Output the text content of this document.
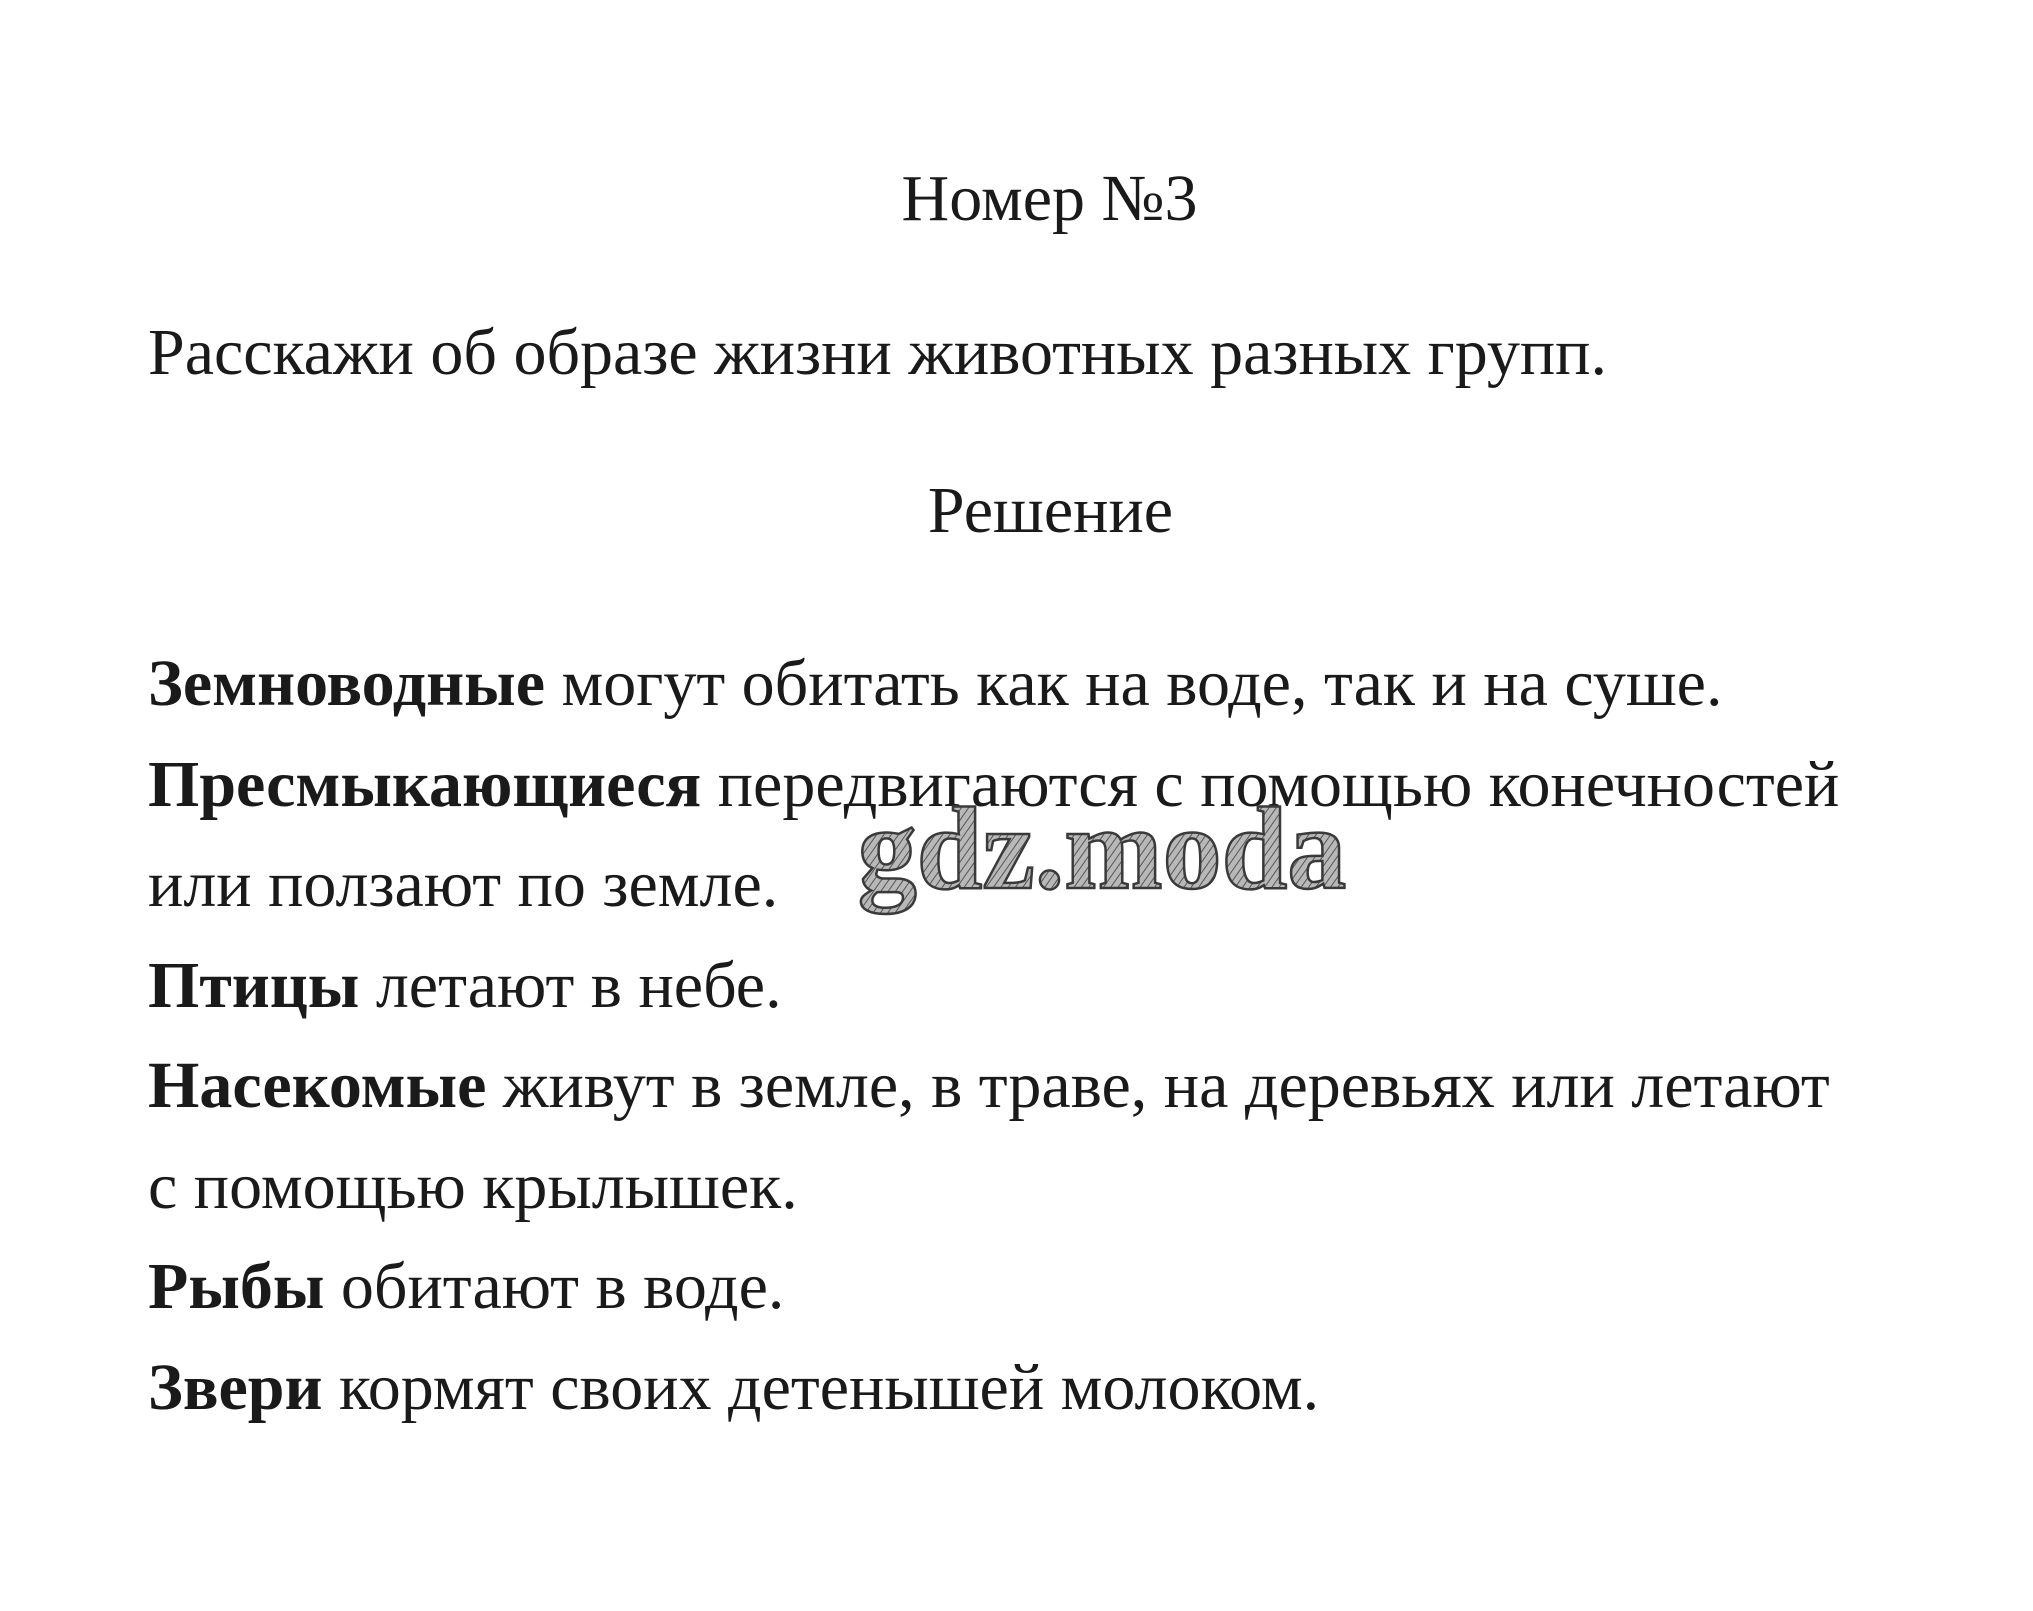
Номер №3
Расскажи об образе жизни животных разных групп.
Решение
Земноводные могут обитать как на воде, так и на суше.
Пресмыкающиеся передвигаются с помощью конечностей
или ползают по земле.
Птицы летают в небе.
Насекомые живут в земле, в траве, на деревьях или летают
с помощью крылышек.
Рыбы обитают в воде.
Звери кормят своих детенышей молоком.
gdz.moda
